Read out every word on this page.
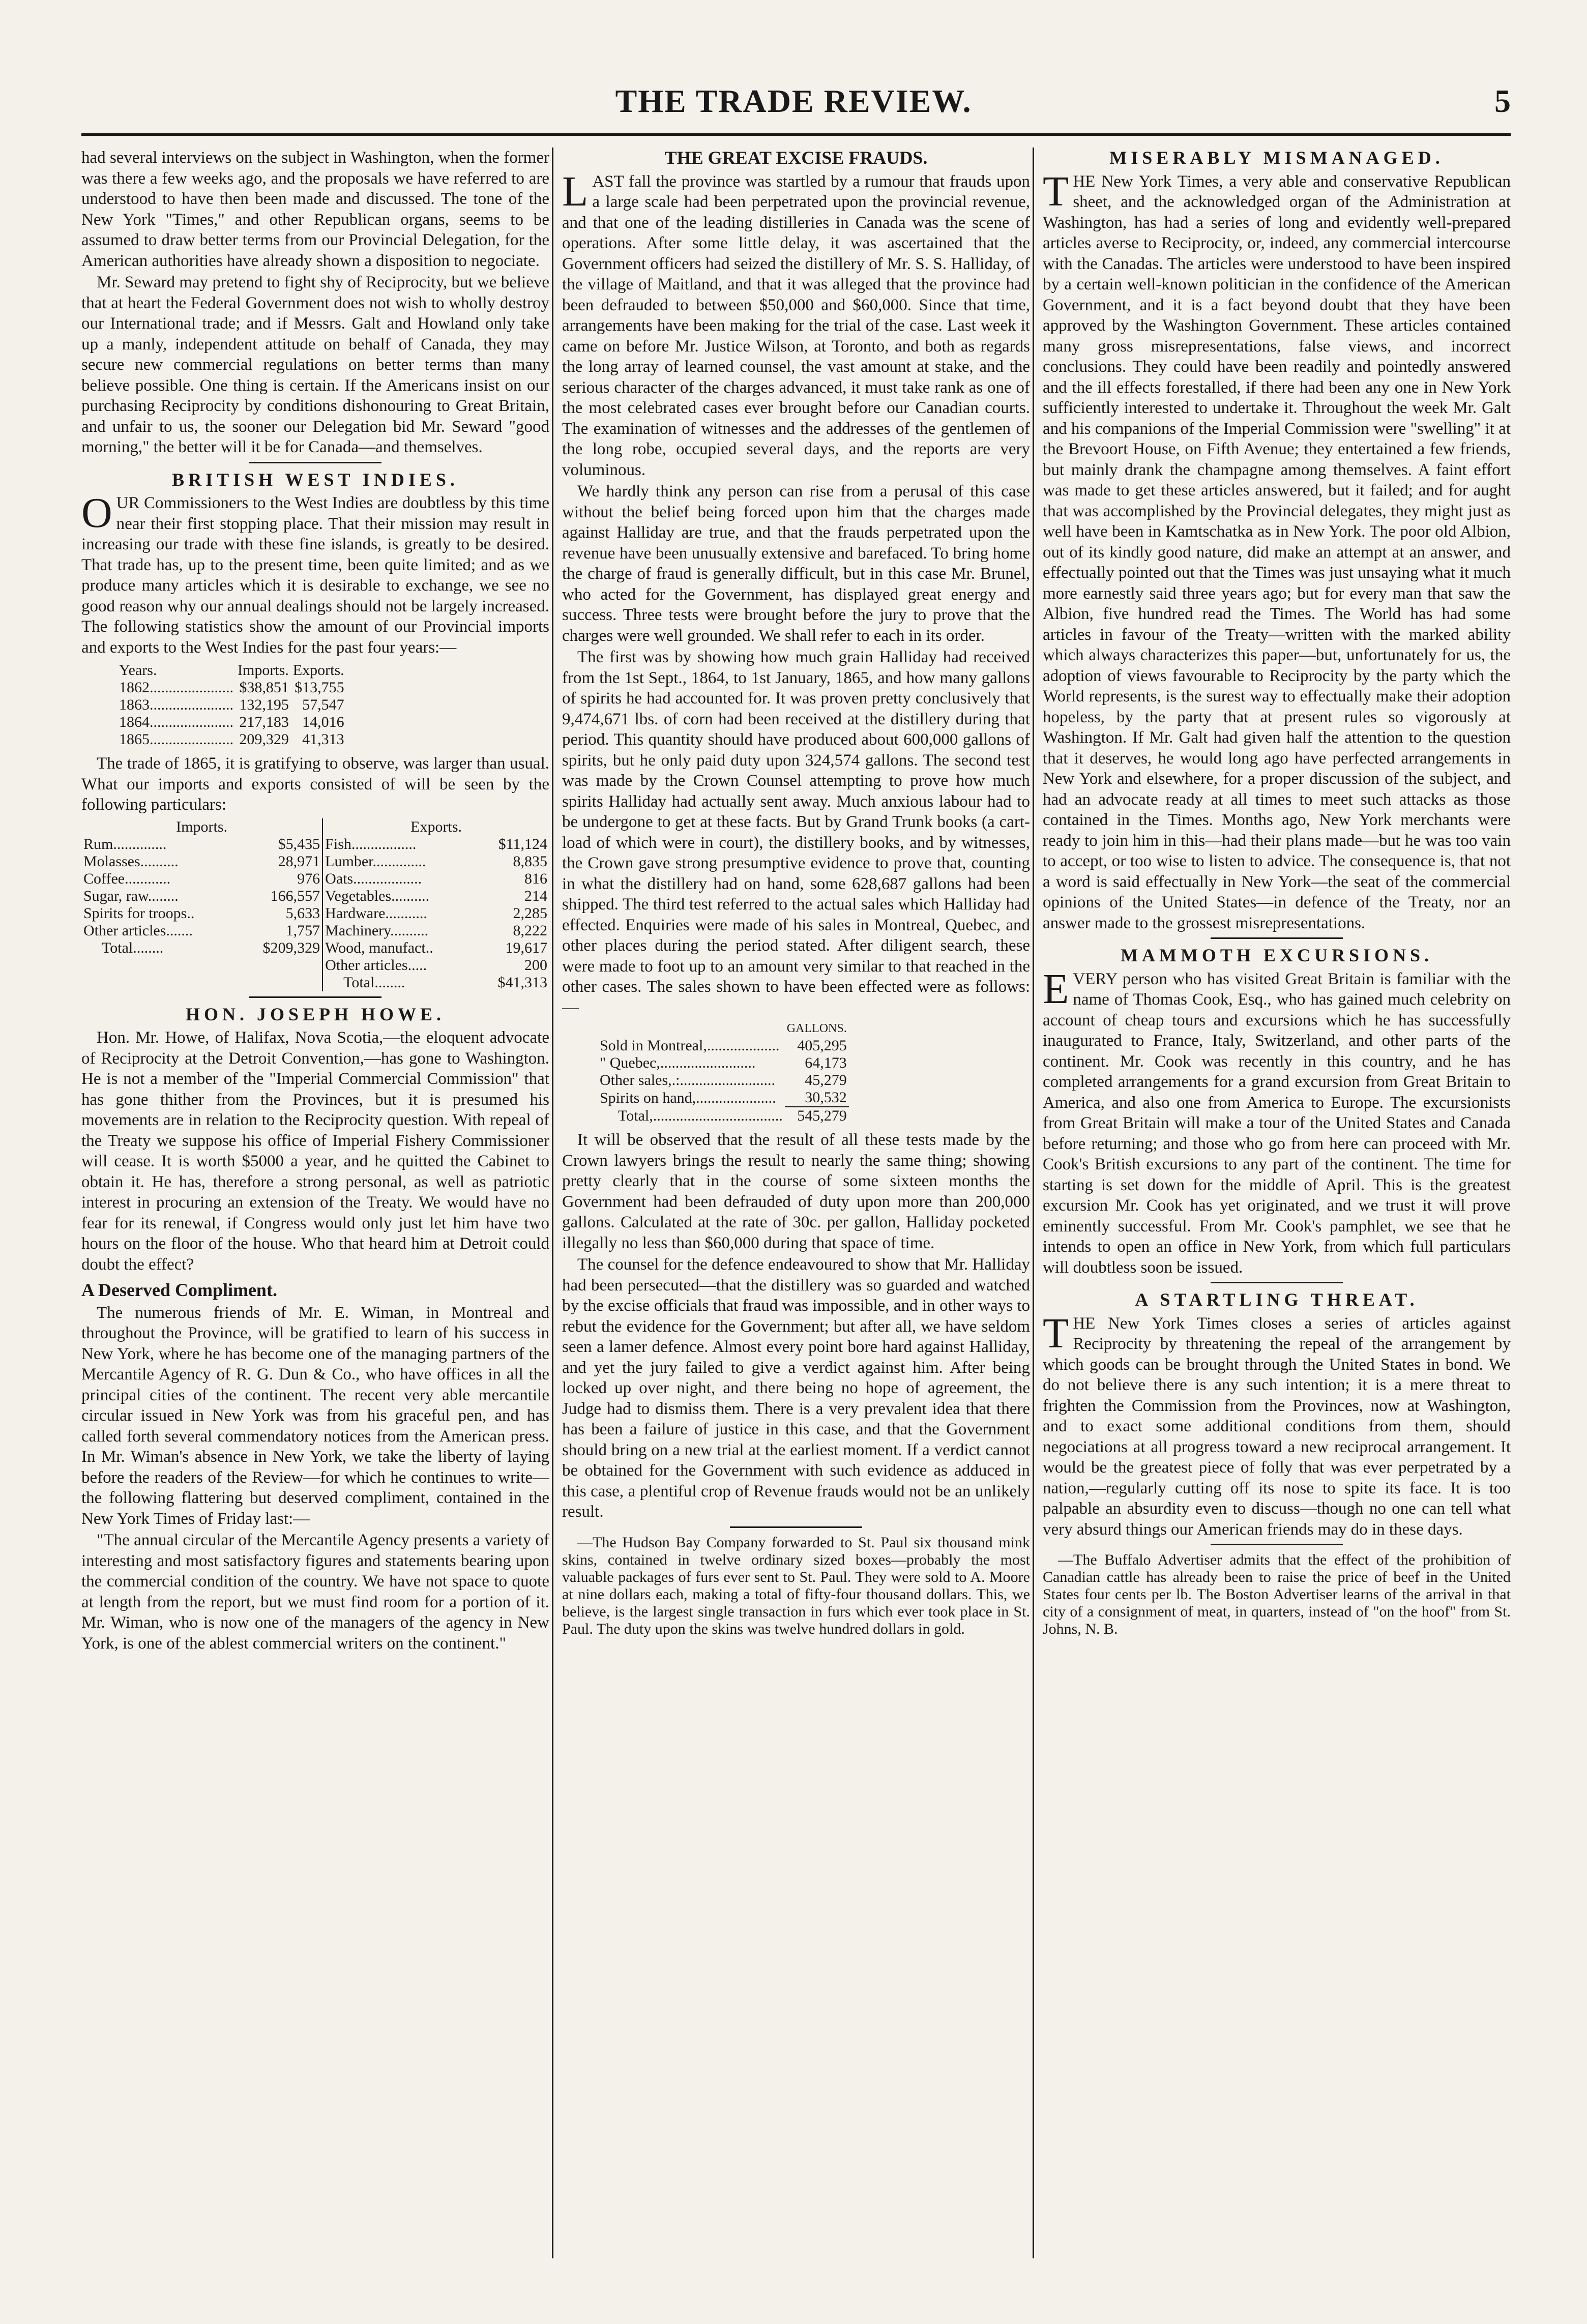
THE TRADE REVIEW.	5

had several interviews on the subject in Washington, when the former was there a few weeks ago, and the proposals we have referred to are understood to have then been made and discussed. The tone of the New York "Times," and other Republican organs, seems to be assumed to draw better terms from our Provincial Delegation, for the American authorities have already shown a disposition to negociate.

Mr. Seward may pretend to fight shy of Reciprocity, but we believe that at heart the Federal Government does not wish to wholly destroy our International trade; and if Messrs. Galt and Howland only take up a manly, independent attitude on behalf of Canada, they may secure new commercial regulations on better terms than many believe possible. One thing is certain. If the Americans insist on our purchasing Reciprocity by conditions dishonouring to Great Britain, and unfair to us, the sooner our Delegation bid Mr. Seward "good morning," the better will it be for Canada—and themselves.

BRITISH WEST INDIES.

OUR Commissioners to the West Indies are doubtless by this time near their first stopping place. That their mission may result in increasing our trade with these fine islands, is greatly to be desired. That trade has, up to the present time, been quite limited; and as we produce many articles which it is desirable to exchange, we see no good reason why our annual dealings should not be largely increased. The following statistics show the amount of our Provincial imports and exports to the West Indies for the past four years:—

Years.	Imports.	Exports.
1862......................	$38,851	$13,755
1863......................	132,195	57,547
1864......................	217,183	14,016
1865......................	209,329	41,313

The trade of 1865, it is gratifying to observe, was larger than usual. What our imports and exports consisted of will be seen by the following particulars:

Imports.		Exports.	
Rum..............	$5,435	Fish.................	$11,124
Molasses..........	28,971	Lumber..............	8,835
Coffee............	976	Oats..................	816
Sugar, raw........	166,557	Vegetables..........	214
Spirits for troops..	5,633	Hardware...........	2,285
Other articles.......	1,757	Machinery..........	8,222
Total........	$209,329	Wood, manufact..	19,617
		Other articles.....	200
		Total........	$41,313
HON. JOSEPH HOWE.

Hon. Mr. Howe, of Halifax, Nova Scotia,—the eloquent advocate of Reciprocity at the Detroit Convention,—has gone to Washington. He is not a member of the "Imperial Commercial Commission" that has gone thither from the Provinces, but it is presumed his movements are in relation to the Reciprocity question. With repeal of the Treaty we suppose his office of Imperial Fishery Commissioner will cease. It is worth $5000 a year, and he quitted the Cabinet to obtain it. He has, therefore a strong personal, as well as patriotic interest in procuring an extension of the Treaty. We would have no fear for its renewal, if Congress would only just let him have two hours on the floor of the house. Who that heard him at Detroit could doubt the effect?

A Deserved Compliment.

The numerous friends of Mr. E. Wiman, in Montreal and throughout the Province, will be gratified to learn of his success in New York, where he has become one of the managing partners of the Mercantile Agency of R. G. Dun & Co., who have offices in all the principal cities of the continent. The recent very able mercantile circular issued in New York was from his graceful pen, and has called forth several commendatory notices from the American press. In Mr. Wiman's absence in New York, we take the liberty of laying before the readers of the Review—for which he continues to write—the following flattering but deserved compliment, contained in the New York Times of Friday last:—

"The annual circular of the Mercantile Agency presents a variety of interesting and most satisfactory figures and statements bearing upon the commercial condition of the country. We have not space to quote at length from the report, but we must find room for a portion of it. Mr. Wiman, who is now one of the managers of the agency in New York, is one of the ablest commercial writers on the continent."

THE GREAT EXCISE FRAUDS.

LAST fall the province was startled by a rumour that frauds upon a large scale had been perpetrated upon the provincial revenue, and that one of the leading distilleries in Canada was the scene of operations. After some little delay, it was ascertained that the Government officers had seized the distillery of Mr. S. S. Halliday, of the village of Maitland, and that it was alleged that the province had been defrauded to between $50,000 and $60,000. Since that time, arrangements have been making for the trial of the case. Last week it came on before Mr. Justice Wilson, at Toronto, and both as regards the long array of learned counsel, the vast amount at stake, and the serious character of the charges advanced, it must take rank as one of the most celebrated cases ever brought before our Canadian courts. The examination of witnesses and the addresses of the gentlemen of the long robe, occupied several days, and the reports are very voluminous.

We hardly think any person can rise from a perusal of this case without the belief being forced upon him that the charges made against Halliday are true, and that the frauds perpetrated upon the revenue have been unusually extensive and barefaced. To bring home the charge of fraud is generally difficult, but in this case Mr. Brunel, who acted for the Government, has displayed great energy and success. Three tests were brought before the jury to prove that the charges were well grounded. We shall refer to each in its order.

The first was by showing how much grain Halliday had received from the 1st Sept., 1864, to 1st January, 1865, and how many gallons of spirits he had accounted for. It was proven pretty conclusively that 9,474,671 lbs. of corn had been received at the distillery during that period. This quantity should have produced about 600,000 gallons of spirits, but he only paid duty upon 324,574 gallons. The second test was made by the Crown Counsel attempting to prove how much spirits Halliday had actually sent away. Much anxious labour had to be undergone to get at these facts. But by Grand Trunk books (a cart-load of which were in court), the distillery books, and by witnesses, the Crown gave strong presumptive evidence to prove that, counting in what the distillery had on hand, some 628,687 gallons had been shipped. The third test referred to the actual sales which Halliday had effected. Enquiries were made of his sales in Montreal, Quebec, and other places during the period stated. After diligent search, these were made to foot up to an amount very similar to that reached in the other cases. The sales shown to have been effected were as follows:—

	GALLONS.
Sold in Montreal,...................	405,295
" Quebec,.........................	64,173
Other sales,.:.........................	45,279
Spirits on hand,.....................	30,532
Total,..................................	545,279

It will be observed that the result of all these tests made by the Crown lawyers brings the result to nearly the same thing; showing pretty clearly that in the course of some sixteen months the Government had been defrauded of duty upon more than 200,000 gallons. Calculated at the rate of 30c. per gallon, Halliday pocketed illegally no less than $60,000 during that space of time.

The counsel for the defence endeavoured to show that Mr. Halliday had been persecuted—that the distillery was so guarded and watched by the excise officials that fraud was impossible, and in other ways to rebut the evidence for the Government; but after all, we have seldom seen a lamer defence. Almost every point bore hard against Halliday, and yet the jury failed to give a verdict against him. After being locked up over night, and there being no hope of agreement, the Judge had to dismiss them. There is a very prevalent idea that there has been a failure of justice in this case, and that the Government should bring on a new trial at the earliest moment. If a verdict cannot be obtained for the Government with such evidence as adduced in this case, a plentiful crop of Revenue frauds would not be an unlikely result.

—The Hudson Bay Company forwarded to St. Paul six thousand mink skins, contained in twelve ordinary sized boxes—probably the most valuable packages of furs ever sent to St. Paul. They were sold to A. Moore at nine dollars each, making a total of fifty-four thousand dollars. This, we believe, is the largest single transaction in furs which ever took place in St. Paul. The duty upon the skins was twelve hundred dollars in gold.

MISERABLY MISMANAGED.

THE New York Times, a very able and conservative Republican sheet, and the acknowledged organ of the Administration at Washington, has had a series of long and evidently well-prepared articles averse to Reciprocity, or, indeed, any commercial intercourse with the Canadas. The articles were understood to have been inspired by a certain well-known politician in the confidence of the American Government, and it is a fact beyond doubt that they have been approved by the Washington Government. These articles contained many gross misrepresentations, false views, and incorrect conclusions. They could have been readily and pointedly answered and the ill effects forestalled, if there had been any one in New York sufficiently interested to undertake it. Throughout the week Mr. Galt and his companions of the Imperial Commission were "swelling" it at the Brevoort House, on Fifth Avenue; they entertained a few friends, but mainly drank the champagne among themselves. A faint effort was made to get these articles answered, but it failed; and for aught that was accomplished by the Provincial delegates, they might just as well have been in Kamtschatka as in New York. The poor old Albion, out of its kindly good nature, did make an attempt at an answer, and effectually pointed out that the Times was just unsaying what it much more earnestly said three years ago; but for every man that saw the Albion, five hundred read the Times. The World has had some articles in favour of the Treaty—written with the marked ability which always characterizes this paper—but, unfortunately for us, the adoption of views favourable to Reciprocity by the party which the World represents, is the surest way to effectually make their adoption hopeless, by the party that at present rules so vigorously at Washington. If Mr. Galt had given half the attention to the question that it deserves, he would long ago have perfected arrangements in New York and elsewhere, for a proper discussion of the subject, and had an advocate ready at all times to meet such attacks as those contained in the Times. Months ago, New York merchants were ready to join him in this—had their plans made—but he was too vain to accept, or too wise to listen to advice. The consequence is, that not a word is said effectually in New York—the seat of the commercial opinions of the United States—in defence of the Treaty, nor an answer made to the grossest misrepresentations.

MAMMOTH EXCURSIONS.

EVERY person who has visited Great Britain is familiar with the name of Thomas Cook, Esq., who has gained much celebrity on account of cheap tours and excursions which he has successfully inaugurated to France, Italy, Switzerland, and other parts of the continent. Mr. Cook was recently in this country, and he has completed arrangements for a grand excursion from Great Britain to America, and also one from America to Europe. The excursionists from Great Britain will make a tour of the United States and Canada before returning; and those who go from here can proceed with Mr. Cook's British excursions to any part of the continent. The time for starting is set down for the middle of April. This is the greatest excursion Mr. Cook has yet originated, and we trust it will prove eminently successful. From Mr. Cook's pamphlet, we see that he intends to open an office in New York, from which full particulars will doubtless soon be issued.

A STARTLING THREAT.

THE New York Times closes a series of articles against Reciprocity by threatening the repeal of the arrangement by which goods can be brought through the United States in bond. We do not believe there is any such intention; it is a mere threat to frighten the Commission from the Provinces, now at Washington, and to exact some additional conditions from them, should negociations at all progress toward a new reciprocal arrangement. It would be the greatest piece of folly that was ever perpetrated by a nation,—regularly cutting off its nose to spite its face. It is too palpable an absurdity even to discuss—though no one can tell what very absurd things our American friends may do in these days.

—The Buffalo Advertiser admits that the effect of the prohibition of Canadian cattle has already been to raise the price of beef in the United States four cents per lb. The Boston Advertiser learns of the arrival in that city of a consignment of meat, in quarters, instead of "on the hoof" from St. Johns, N. B.
